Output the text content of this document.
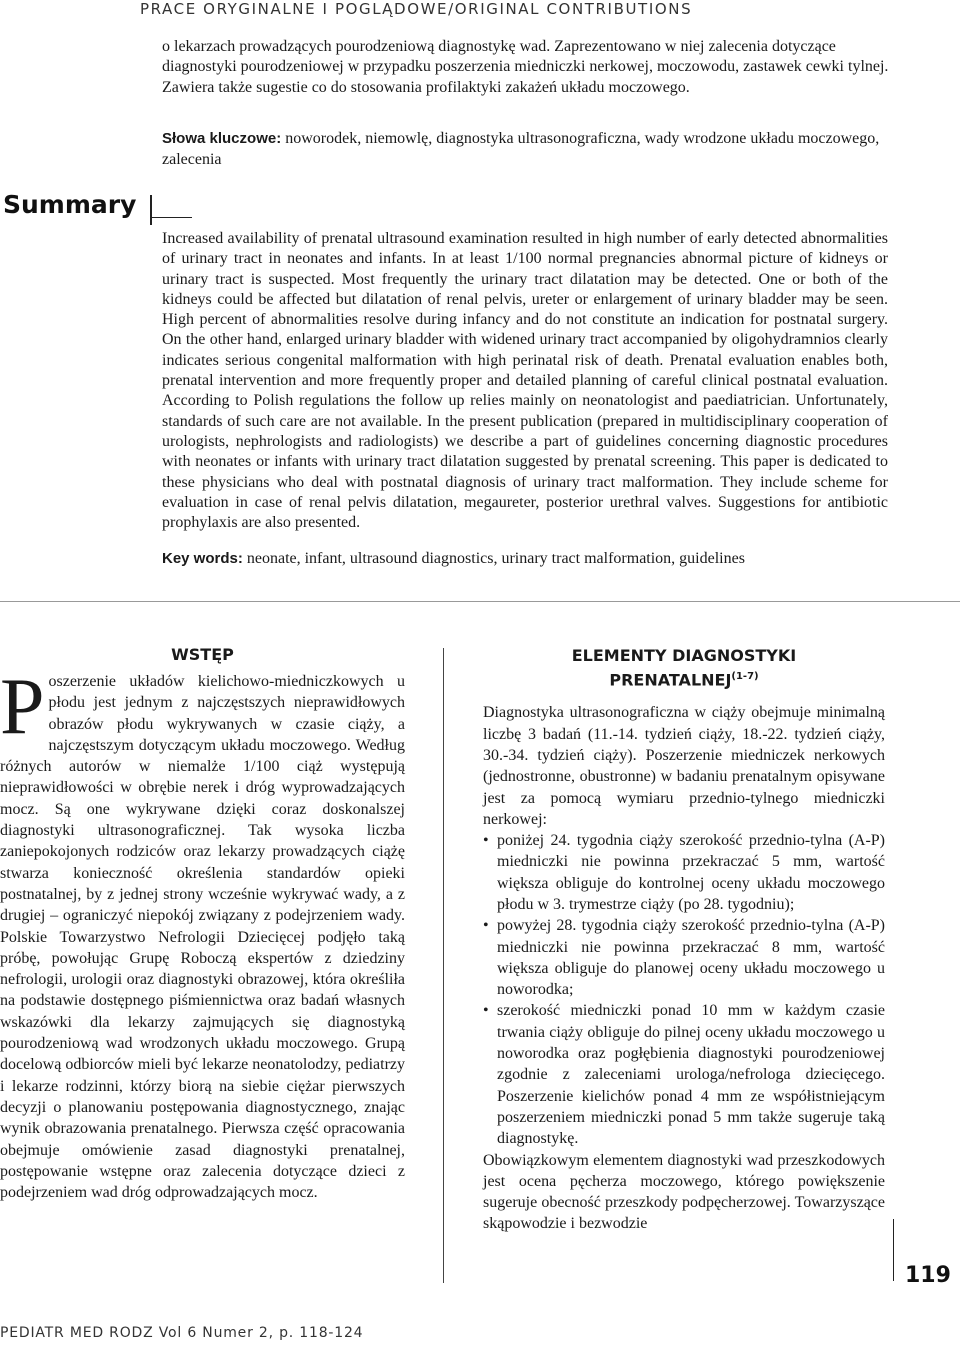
PRACE ORYGINALNE I POGLĄDOWE/ORIGINAL CONTRIBUTIONS

o lekarzach prowadzących pourodzeniową diagnostykę wad. Zaprezentowano w niej zalecenia dotyczące diagnostyki pourodzeniowej w przypadku poszerzenia miedniczki nerkowej, moczowodu, zastawek cewki tylnej. Zawiera także sugestie co do stosowania profilaktyki zakażeń układu moczowego.

Słowa kluczowe: noworodek, niemowlę, diagnostyka ultrasonograficzna, wady wrodzone układu moczowego, zalecenia
Summary
Increased availability of prenatal ultrasound examination resulted in high number of early detected abnormalities of urinary tract in neonates and infants. In at least 1/100 normal pregnancies abnormal picture of kidneys or urinary tract is suspected. Most frequently the urinary tract dilatation may be detected. One or both of the kidneys could be affected but dilatation of renal pelvis, ureter or enlargement of urinary bladder may be seen. High percent of abnormalities resolve during infancy and do not constitute an indication for postnatal surgery. On the other hand, enlarged urinary bladder with widened urinary tract accompanied by oligohydramnios clearly indicates serious congenital malformation with high perinatal risk of death. Prenatal evaluation enables both, prenatal intervention and more frequently proper and detailed planning of careful clinical postnatal evaluation. According to Polish regulations the follow up relies mainly on neonatologist and paediatrician. Unfortunately, standards of such care are not available. In the present publication (prepared in multidisciplinary cooperation of urologists, nephrologists and radiologists) we describe a part of guidelines concerning diagnostic procedures with neonates or infants with urinary tract dilatation suggested by prenatal screening. This paper is dedicated to these physicians who deal with postnatal diagnosis of urinary tract malformation. They include scheme for evaluation in case of renal pelvis dilatation, megaureter, posterior urethral valves. Suggestions for antibiotic prophylaxis are also presented.
Key words: neonate, infant, ultrasound diagnostics, urinary tract malformation, guidelines
WSTĘP

Poszerzenie układów kielichowo-miedniczkowych u płodu jest jednym z najczęstszych nieprawidłowych obrazów płodu wykrywanych w czasie ciąży, a najczęstszym dotyczącym układu moczowego. Według różnych autorów w niemalże 1/100 ciąż występują nieprawidłowości w obrębie nerek i dróg wyprowadzających mocz. Są one wykrywane dzięki coraz doskonalszej diagnostyki ultrasonograficznej. Tak wysoka liczba zaniepokojonych rodziców oraz lekarzy prowadzących ciążę stwarza konieczność określenia standardów opieki postnatalnej, by z jednej strony wcześnie wykrywać wady, a z drugiej – ograniczyć niepokój związany z podejrzeniem wady. Polskie Towarzystwo Nefrologii Dziecięcej podjęło taką próbę, powołując Grupę Roboczą ekspertów z dziedziny nefrologii, urologii oraz diagnostyki obrazowej, która określiła na podstawie dostępnego piśmiennictwa oraz badań własnych wskazówki dla lekarzy zajmujących się diagnostyką pourodzeniową wad wrodzonych układu moczowego. Grupą docelową odbiorców mieli być lekarze neonatolodzy, pediatrzy i lekarze rodzinni, którzy biorą na siebie ciężar pierwszych decyzji o planowaniu postępowania diagnostycznego, znając wynik obrazowania prenatalnego. Pierwsza część opracowania obejmuje omówienie zasad diagnostyki prenatalnej, postępowanie wstępne oraz zalecenia dotyczące dzieci z podejrzeniem wad dróg odprowadzających mocz.

ELEMENTY DIAGNOSTYKI
PRENATALNEJ$^{(1-7)}$

Diagnostyka ultrasonograficzna w ciąży obejmuje minimalną liczbę 3 badań (11.-14. tydzień ciąży, 18.-22. tydzień ciąży, 30.-34. tydzień ciąży). Poszerzenie miedniczek nerkowych (jednostronne, obustronne) w badaniu prenatalnym opisywane jest za pomocą wymiaru przednio-tylnego miedniczki nerkowej:

• poniżej 24. tygodnia ciąży szerokość przednio-tylna (A-P) miedniczki nie powinna przekraczać 5 mm, wartość większa obliguje do kontrolnej oceny układu moczowego płodu w 3. trymestrze ciąży (po 28. tygodniu);
• powyżej 28. tygodnia ciąży szerokość przednio-tylna (A-P) miedniczki nie powinna przekraczać 8 mm, wartość większa obliguje do planowej oceny układu moczowego u noworodka;
• szerokość miedniczki ponad 10 mm w każdym czasie trwania ciąży obliguje do pilnej oceny układu moczowego u noworodka oraz pogłębienia diagnostyki pourodzeniowej zgodnie z zaleceniami urologa/nefrologa dziecięcego. Poszerzenie kielichów ponad 4 mm ze współistniejącym poszerzeniem miedniczki ponad 5 mm także sugeruje taką diagnostykę.

Obowiązkowym elementem diagnostyki wad przeszkodowych jest ocena pęcherza moczowego, którego powiększenie sugeruje obecność przeszkody podpęcherzowej. Towarzyszące skąpowodzie i bezwodzie

119
PEDIATR MED RODZ Vol 6 Numer 2, p. 118-124
